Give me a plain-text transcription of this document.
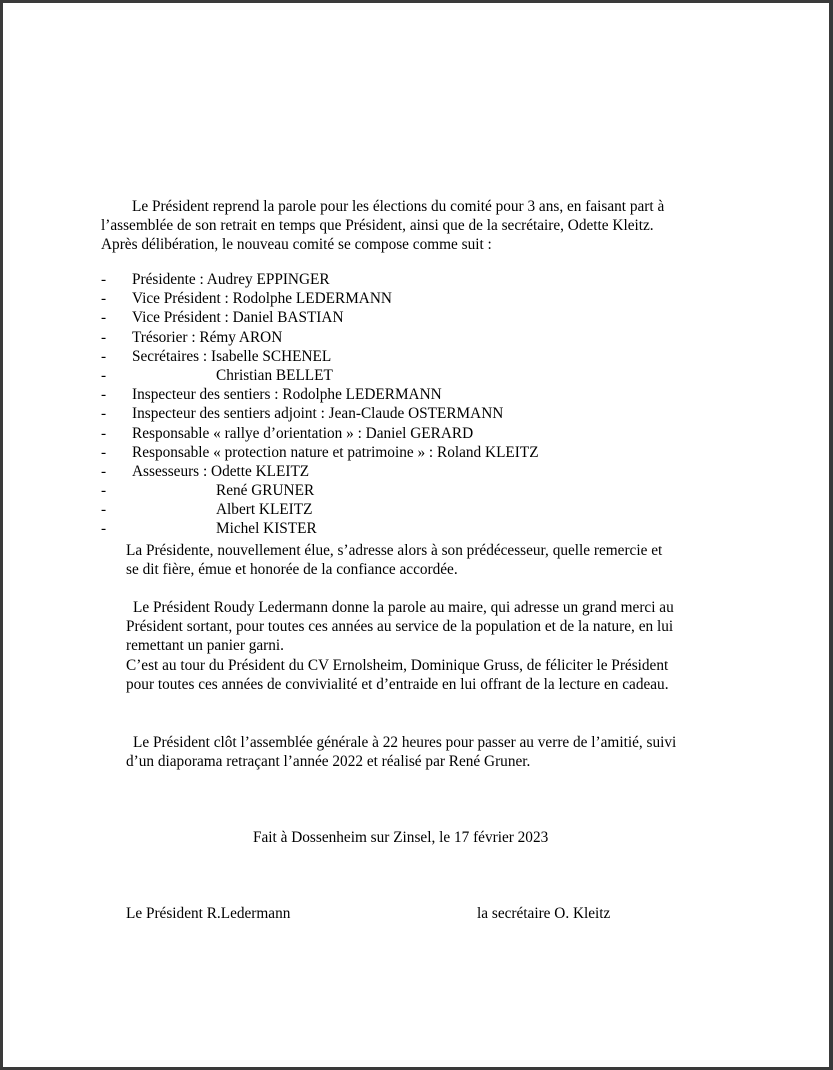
Le Président reprend la parole pour les élections du comité pour 3 ans, en faisant part à
l’assemblée de son retrait en temps que Président, ainsi que de la secrétaire, Odette Kleitz.
Après délibération, le nouveau comité se compose comme suit :
- Présidente : Audrey EPPINGER
- Vice Président : Rodolphe LEDERMANN
- Vice Président : Daniel BASTIAN
- Trésorier : Rémy ARON
- Secrétaires : Isabelle SCHENEL
-	Christian BELLET
- Inspecteur des sentiers : Rodolphe LEDERMANN
- Inspecteur des sentiers adjoint : Jean-Claude OSTERMANN
- Responsable « rallye d’orientation » : Daniel GERARD
- Responsable « protection nature et patrimoine » : Roland KLEITZ
- Assesseurs : Odette KLEITZ
-	René GRUNER
-	Albert KLEITZ
-	Michel KISTER
La Présidente, nouvellement élue, s’adresse alors à son prédécesseur, quelle remercie et
se dit fière, émue et honorée de la confiance accordée.
Le Président Roudy Ledermann donne la parole au maire, qui adresse un grand merci au
Président sortant, pour toutes ces années au service de la population et de la nature, en lui
remettant un panier garni.
C’est au tour du Président du CV Ernolsheim, Dominique Gruss, de féliciter le Président
pour toutes ces années de convivialité et d’entraide en lui offrant de la lecture en cadeau.
Le Président clôt l’assemblée générale à 22 heures pour passer au verre de l’amitié, suivi
d’un diaporama retraçant l’année 2022 et réalisé par René Gruner.
Fait à Dossenheim sur Zinsel, le 17 février 2023
Le Président R.Ledermann	la secrétaire O. Kleitz
